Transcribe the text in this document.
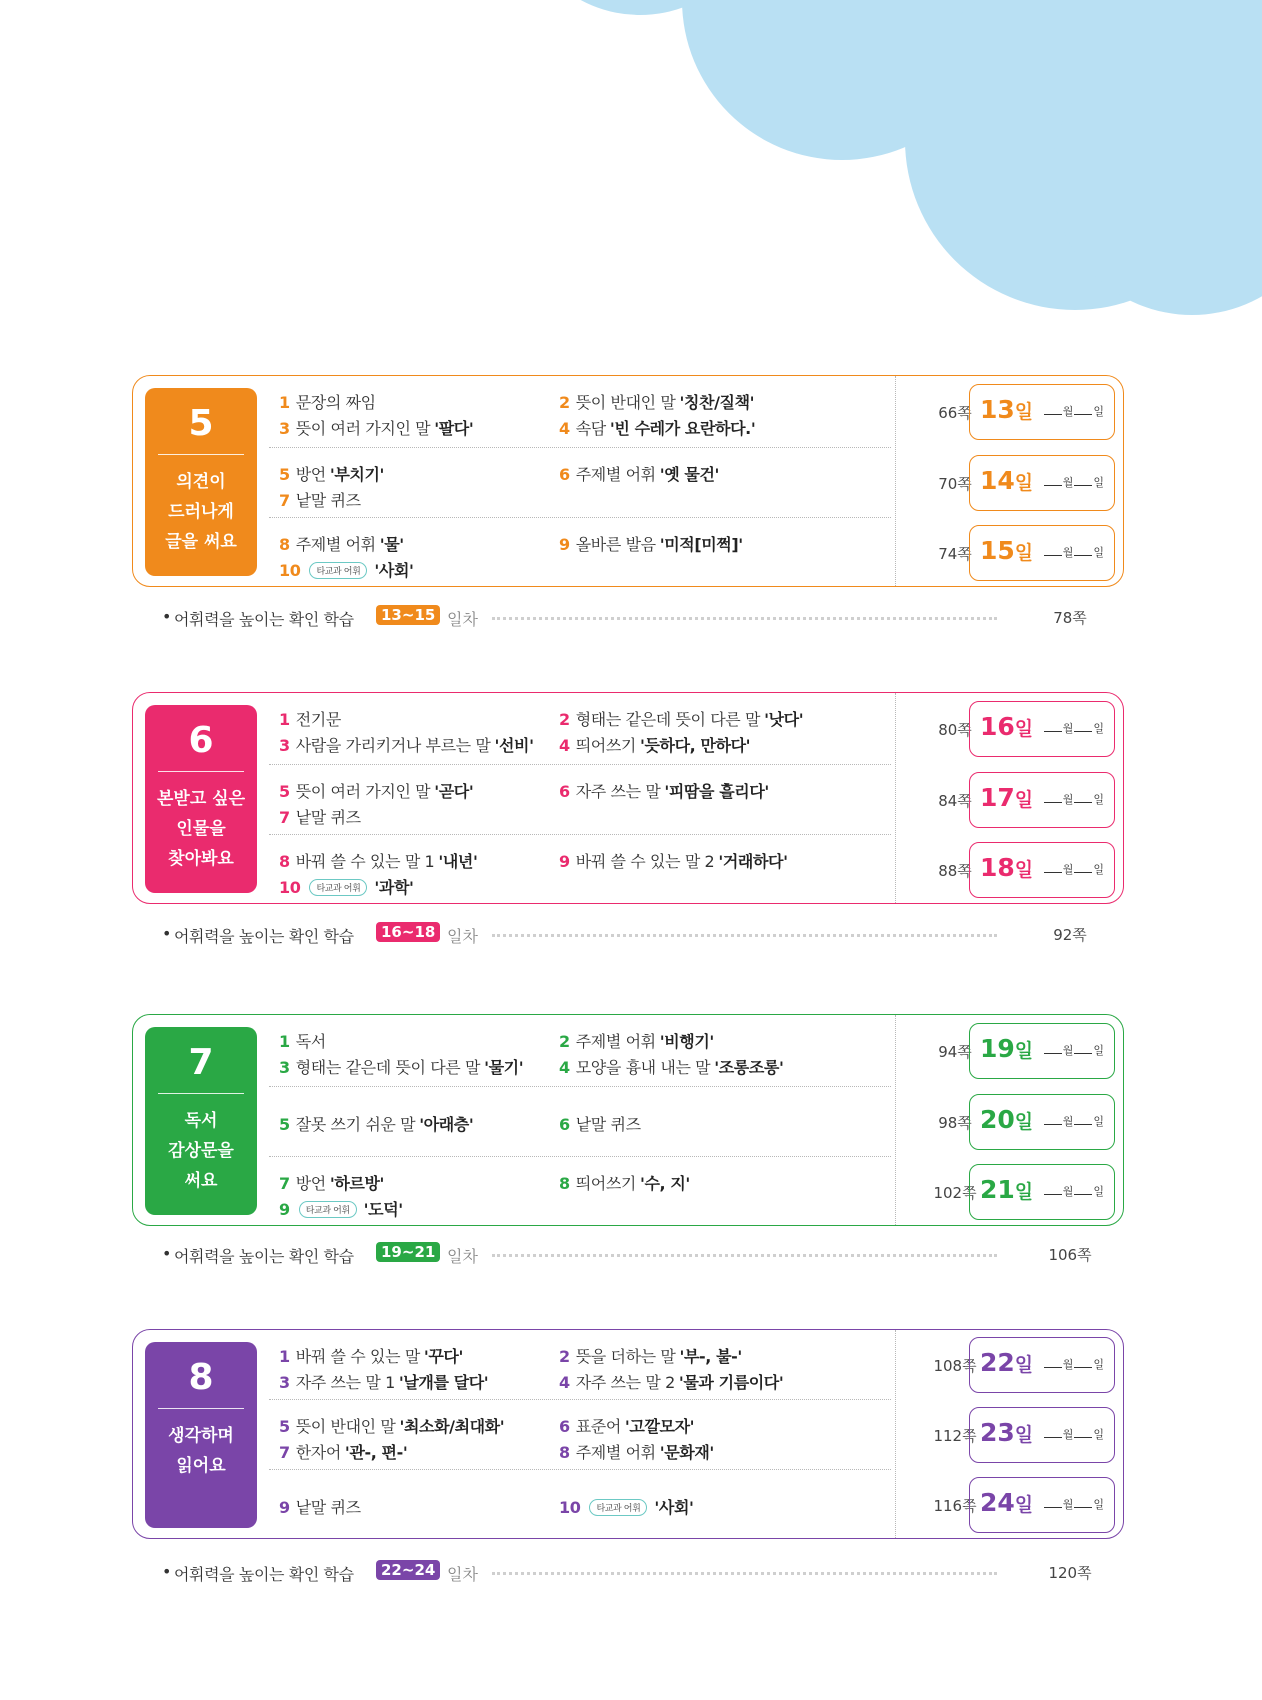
5
의견이
드러나게
글을 써요
66쪽 13일	월 일
70쪽 14일	월 일
74쪽 15일	월 일
1 문장의 짜임	2 뜻이 반대인 말 '칭찬/질책'
3 뜻이 여러 가지인 말 '팔다'	4 속담 '빈 수레가 요란하다.'
5 방언 '부치기'	6 주제별 어휘 '옛 물건'
7 낱말 퀴즈
8 주제별 어휘 '물'	9 올바른 발음 '미적[미쩍]'
10 타교과 어휘 '사회'
• 어휘력을 높이는 확인 학습	13~15 일차	78쪽
6
본받고 싶은
인물을
찾아봐요
80쪽 16일	월 일
84쪽 17일	월 일
88쪽 18일	월 일
1 전기문	2 형태는 같은데 뜻이 다른 말 '낫다'
3 사람을 가리키거나 부르는 말 '선비' 4 띄어쓰기 '듯하다, 만하다'
5 뜻이 여러 가지인 말 '곧다'	6 자주 쓰는 말 '피땀을 흘리다'
7 낱말 퀴즈
8 바꿔 쓸 수 있는 말 1 '내년'	9 바꿔 쓸 수 있는 말 2 '거래하다'
10 타교과 어휘 '과학'
• 어휘력을 높이는 확인 학습	16~18 일차	92쪽
7
독서
감상문을
써요
94쪽 19일	월 일
98쪽 20일	월 일
102쪽 21일	월 일
1 독서	2 주제별 어휘 '비행기'
3 형태는 같은데 뜻이 다른 말 '물기' 4 모양을 흉내 내는 말 '조롱조롱'
5 잘못 쓰기 쉬운 말 '아래층'	6 낱말 퀴즈
7 방언 '하르방'	8 띄어쓰기 '수, 지'
9 타교과 어휘 '도덕'
• 어휘력을 높이는 확인 학습	19~21 일차	106쪽
8
생각하며
읽어요
108쪽 22일	월 일
112쪽 23일	월 일
116쪽 24일	월 일
1 바꿔 쓸 수 있는 말 '꾸다'	2 뜻을 더하는 말 '부-, 불-'
3 자주 쓰는 말 1 '날개를 달다'	4 자주 쓰는 말 2 '물과 기름이다'
5 뜻이 반대인 말 '최소화/최대화'	6 표준어 '고깔모자'
7 한자어 '관-, 편-'	8 주제별 어휘 '문화재'
9 낱말 퀴즈	10 타교과 어휘 '사회'
• 어휘력을 높이는 확인 학습	22~24 일차	120쪽
